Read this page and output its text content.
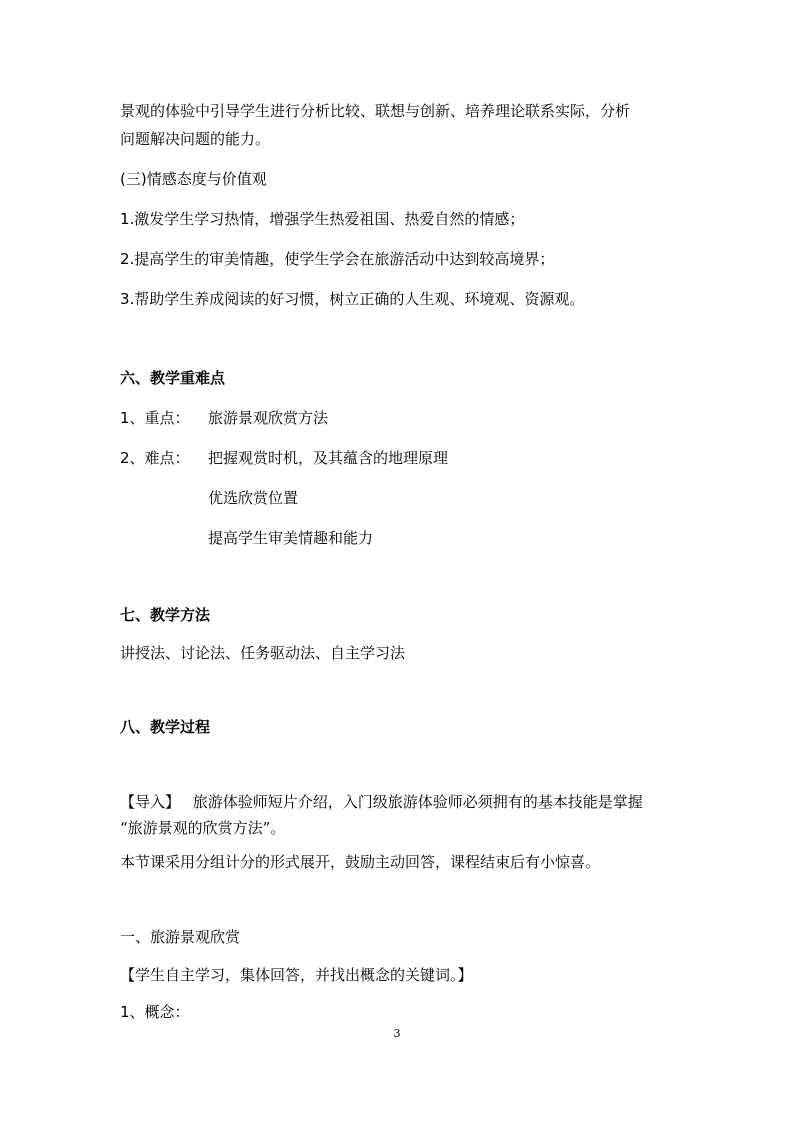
景观的体验中引导学生进行分析比较、联想与创新、培养理论联系实际，分析
问题解决问题的能力。
(三)情感态度与价值观
1.激发学生学习热情，增强学生热爱祖国、热爱自然的情感；
2.提高学生的审美情趣，使学生学会在旅游活动中达到较高境界；
3.帮助学生养成阅读的好习惯，树立正确的人生观、环境观、资源观。
六、教学重难点
1、重点： 旅游景观欣赏方法
2、难点： 把握观赏时机，及其蕴含的地理原理
优选欣赏位置
提高学生审美情趣和能力
七、教学方法
讲授法、讨论法、任务驱动法、自主学习法
八、教学过程
【导入】 旅游体验师短片介绍，入门级旅游体验师必须拥有的基本技能是掌握
“旅游景观的欣赏方法”。
本节课采用分组计分的形式展开，鼓励主动回答，课程结束后有小惊喜。
一、旅游景观欣赏
【学生自主学习，集体回答，并找出概念的关键词。】
1、概念：
3
